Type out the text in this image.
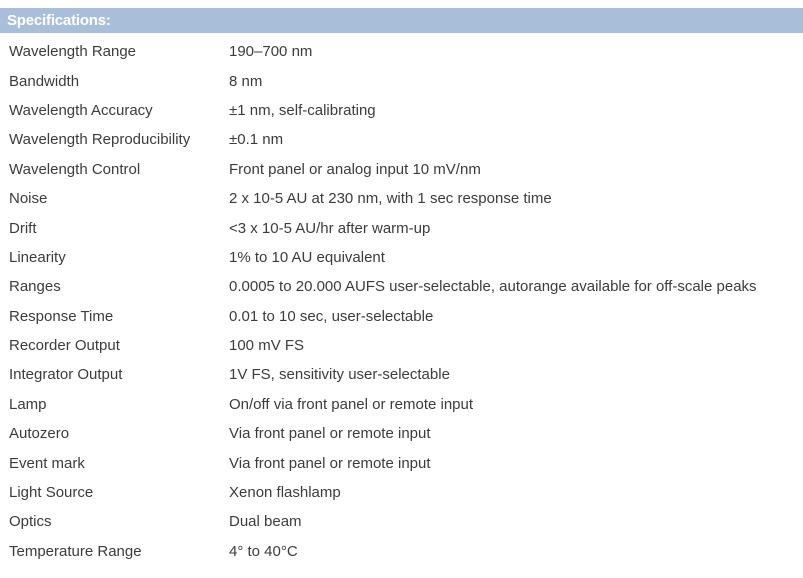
Specifications:
Wavelength Range	190–700 nm
Bandwidth	8 nm
Wavelength Accuracy	±1 nm, self-calibrating
Wavelength Reproducibility	±0.1 nm
Wavelength Control	Front panel or analog input 10 mV/nm
Noise	2 x 10-5 AU at 230 nm, with 1 sec response time
Drift	<3 x 10-5 AU/hr after warm-up
Linearity	1% to 10 AU equivalent
Ranges	0.0005 to 20.000 AUFS user-selectable, autorange available for off-scale peaks
Response Time	0.01 to 10 sec, user-selectable
Recorder Output	100 mV FS
Integrator Output	1V FS, sensitivity user-selectable
Lamp	On/off via front panel or remote input
Autozero	Via front panel or remote input
Event mark	Via front panel or remote input
Light Source	Xenon flashlamp
Optics	Dual beam
Temperature Range	4° to 40°C
